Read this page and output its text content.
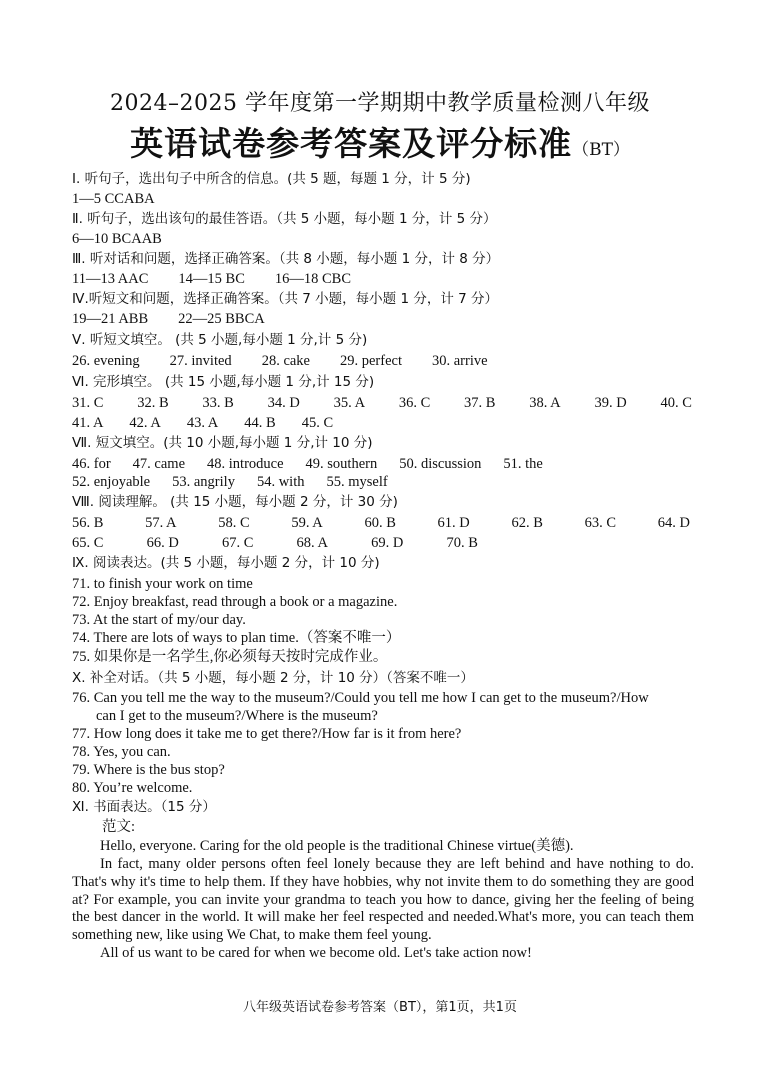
2024–2025 学年度第一学期期中教学质量检测八年级
英语试卷参考答案及评分标准（BT）
Ⅰ. 听句子，选出句子中所含的信息。(共 5 题，每题 1 分，计 5 分)
1—5 CCABA
Ⅱ. 听句子，选出该句的最佳答语。（共 5 小题，每小题 1 分，计 5 分）
6—10 BCAAB
Ⅲ. 听对话和问题，选择正确答案。（共 8 小题，每小题 1 分，计 8 分）
11—13 AAC 14—15 BC 16—18 CBC
Ⅳ.听短文和问题，选择正确答案。（共 7 小题，每小题 1 分，计 7 分）
19—21 ABB 22—25 BBCA
Ⅴ. 听短文填空。 (共 5 小题,每小题 1 分,计 5 分)
26. evening 27. invited 28. cake 29. perfect 30. arrive
Ⅵ. 完形填空。 (共 15 小题,每小题 1 分,计 15 分)
31. C 32. B 33. B 34. D 35. A 36. C 37. B 38. A 39. D 40. C
41. A 42. A 43. A 44. B 45. C
Ⅶ. 短文填空。(共 10 小题,每小题 1 分,计 10 分)
46. for 47. came 48. introduce 49. southern 50. discussion 51. the
52. enjoyable 53. angrily 54. with 55. myself
Ⅷ. 阅读理解。 (共 15 小题，每小题 2 分，计 30 分)
56. B	57. A	58. C	59. A	60. B	61. D	62. B	63. C	64. D
65. C	66. D	67. C	68. A	69. D	70. B
Ⅸ. 阅读表达。(共 5 小题，每小题 2 分，计 10 分)
71. to finish your work on time
72. Enjoy breakfast, read through a book or a magazine.
73. At the start of my/our day.
74. There are lots of ways to plan time.（答案不唯一）
75. 如果你是一名学生,你必须每天按时完成作业。
Ⅹ. 补全对话。（共 5 小题，每小题 2 分，计 10 分）（答案不唯一）
76. Can you tell me the way to the museum?/Could you tell me how I can get to the museum?/How
can I get to the museum?/Where is the museum?
77. How long does it take me to get there?/How far is it from here?
78. Yes, you can.
79. Where is the bus stop?
80. You’re welcome.
Ⅺ. 书面表达。（15 分）
范文:
Hello, everyone. Caring for the old people is the traditional Chinese virtue(美德).
In fact, many older persons often feel lonely because they are left behind and have nothing to do. That's why it's time to help them. If they have hobbies, why not invite them to do something they are good at? For example, you can invite your grandma to teach you how to dance, giving her the feeling of being the best dancer in the world. It will make her feel respected and needed.What's more, you can teach them something new, like using We Chat, to make them feel young.
All of us want to be cared for when we become old. Let's take action now!
八年级英语试卷参考答案（BT），第1页，共1页
